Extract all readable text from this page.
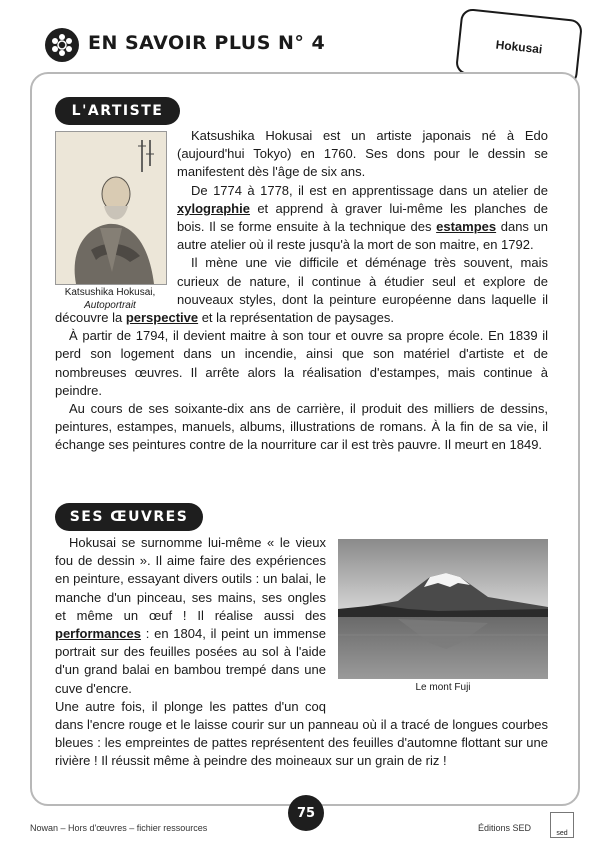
EN SAVOIR PLUS N° 4	Hokusai
L'ARTISTE
Katsushika Hokusai,
Autoportrait

Katsushika Hokusai est un artiste japonais né à Edo (aujourd'hui Tokyo) en 1760. Ses dons pour le dessin se manifestent dès l'âge de six ans.

De 1774 à 1778, il est en apprentissage dans un atelier de xylographie et apprend à graver lui-même les planches de bois. Il se forme ensuite à la technique des estampes dans un autre atelier où il reste jusqu'à la mort de son maitre, en 1792.

Il mène une vie difficile et déménage très souvent, mais curieux de nature, il continue à étudier seul et explore de nouveaux styles, dont la peinture européenne dans laquelle il découvre la perspective et la représentation de paysages.

À partir de 1794, il devient maitre à son tour et ouvre sa propre école. En 1839 il perd son logement dans un incendie, ainsi que son matériel d'artiste et de nombreuses œuvres. Il arrête alors la réalisation d'estampes, mais continue à peindre.

Au cours de ses soixante-dix ans de carrière, il produit des milliers de dessins, peintures, estampes, manuels, albums, illustrations de romans. À la fin de sa vie, il échange ses peintures contre de la nourriture car il est très pauvre. Il meurt en 1849.

SES ŒUVRES
Le mont Fuji

Hokusai se surnomme lui-même « le vieux fou de dessin ». Il aime faire des expériences en peinture, essayant divers outils : un balai, le manche d'un pinceau, ses mains, ses ongles et même un œuf ! Il réalise aussi des performances : en 1804, il peint un immense portrait sur des feuilles posées au sol à l'aide d'un grand balai en bambou trempé dans une cuve d'encre.

Une autre fois, il plonge les pattes d'un coq dans l'encre rouge et le laisse courir sur un panneau où il a tracé de longues courbes bleues : les empreintes de pattes représentent des feuilles d'automne flottant sur une rivière ! Il réussit même à peindre des moineaux sur un grain de riz !

75
Nowan – Hors d'œuvres – fichier ressources	Éditions SED
sed
